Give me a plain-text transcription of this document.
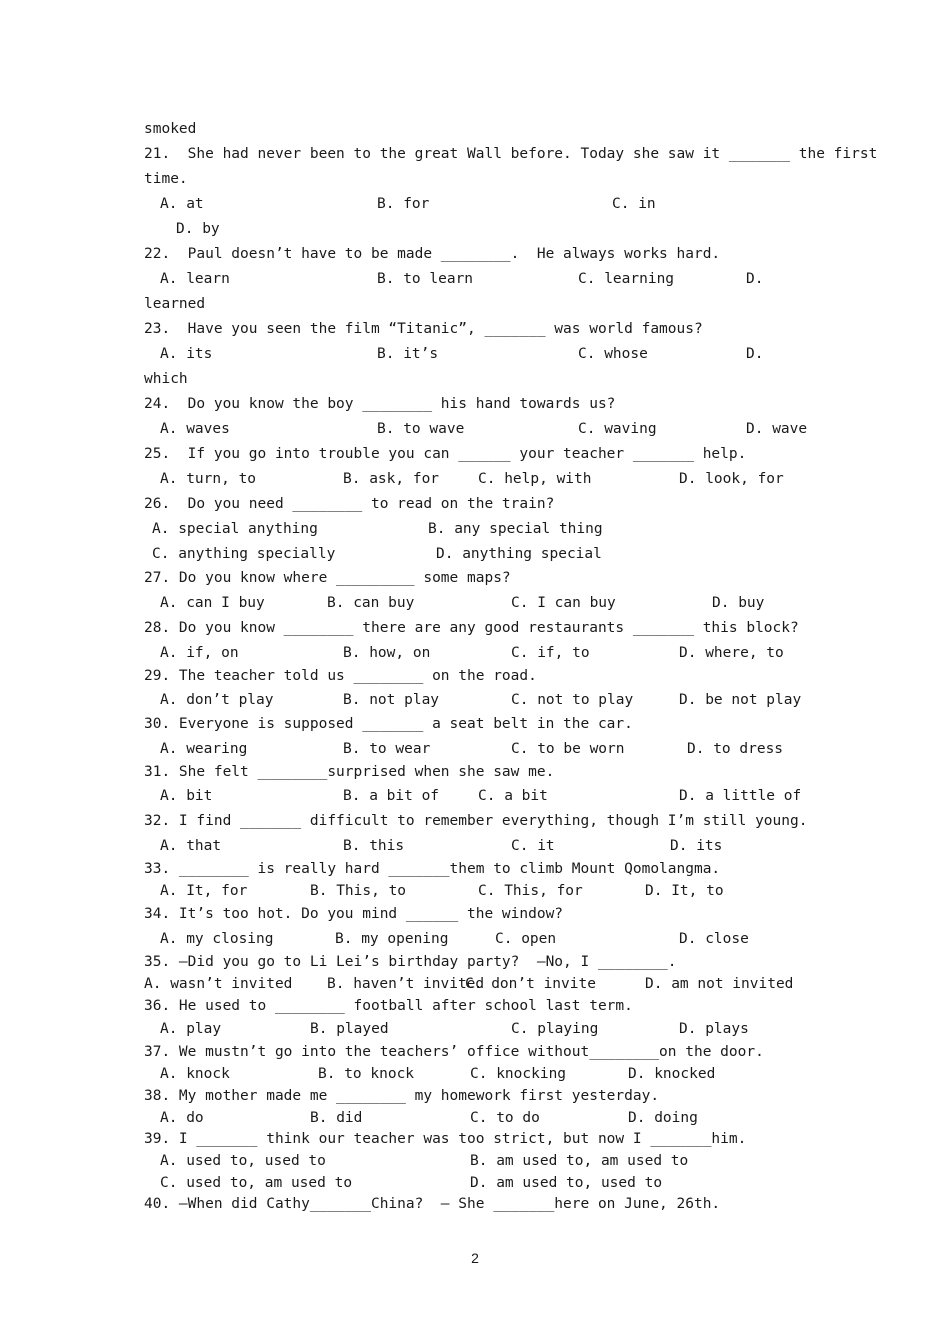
smoked
21.  She had never been to the great Wall before. Today she saw it _______ the first
time.
A. at	B. for	C. in
D. by
22.  Paul doesn’t have to be made ________.  He always works hard.
A. learn	B. to learn	C. learning	D.
learned
23.  Have you seen the film “Titanic”, _______ was world famous?
A. its	B. it’s	C. whose	D.
which
24.  Do you know the boy ________ his hand towards us?
A. waves	B. to wave	C. waving	D. wave
25.  If you go into trouble you can ______ your teacher _______ help.
A. turn, to	B. ask, for	C. help, with	D. look, for
26.  Do you need ________ to read on the train?
A. special anything	B. any special thing
C. anything specially	D. anything special
27. Do you know where _________ some maps?
A. can I buy	B. can buy	C. I can buy	D. buy
28. Do you know ________ there are any good restaurants _______ this block?
A. if, on	B. how, on	C. if, to	D. where, to
29. The teacher told us ________ on the road.
A. don’t play	B. not play	C. not to play	D. be not play
30. Everyone is supposed _______ a seat belt in the car.
A. wearing	B. to wear	C. to be worn	D. to dress
31. She felt ________surprised when she saw me.
A. bit	B. a bit of	C. a bit	D. a little of
32. I find _______ difficult to remember everything, though I’m still young.
A. that	B. this	C. it	D. its
33. ________ is really hard _______them to climb Mount Qomolangma.
A. It, for	B. This, to	C. This, for	D. It, to
34. It’s too hot. Do you mind ______ the window?
A. my closing	B. my opening	C. open	D. close
35. —Did you go to Li Lei’s birthday party?  —No, I ________.
A. wasn’t invited B. haven’t invited
C. don’t invite	D. am not invited
36. He used to ________ football after school last term.
A. play	B. played	C. playing	D. plays
37. We mustn’t go into the teachers’ office without________on the door.
A. knock	B. to knock	C. knocking	D. knocked
38. My mother made me ________ my homework first yesterday.
A. do	B. did	C. to do	D. doing
39. I _______ think our teacher was too strict, but now I _______him.
A. used to, used to	B. am used to, am used to
C. used to, am used to	D. am used to, used to
40. —When did Cathy_______China?  — She _______here on June, 26th.
2
